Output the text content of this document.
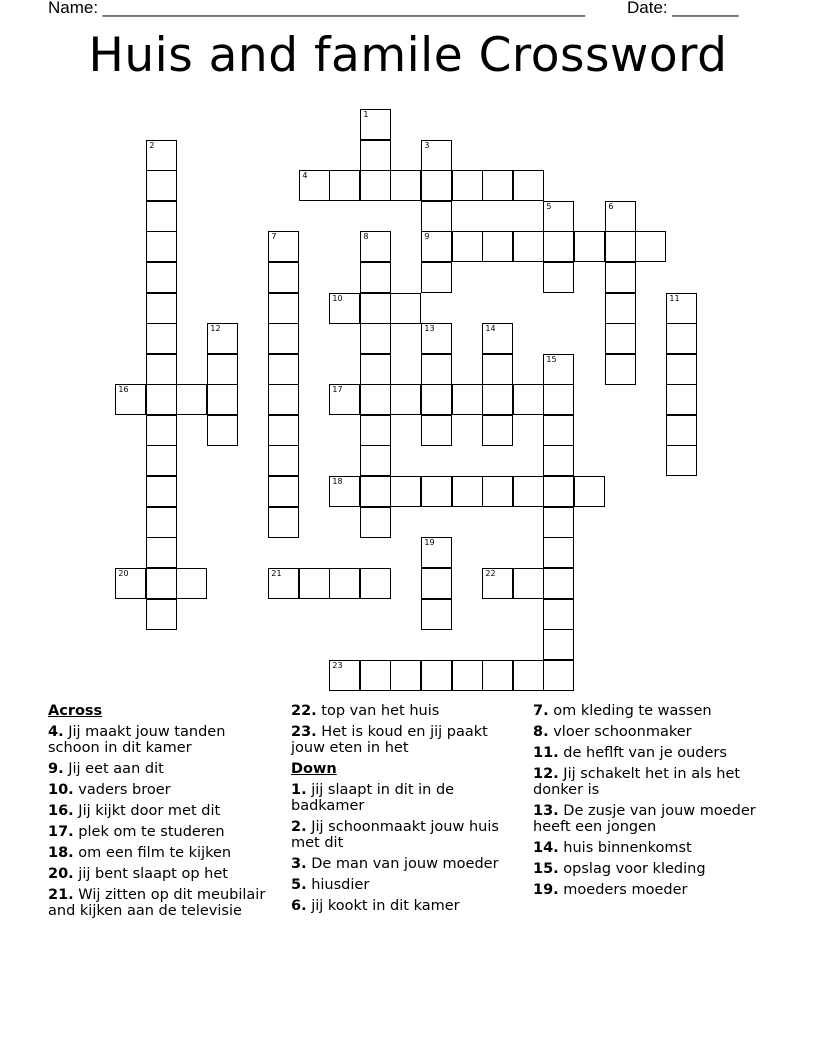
Name: ___________________________________________________ Date: _______
Huis and famile Crossword
1
2	3
9
4
5	6
7	8
10	11
12	13	14
15
16	17
18
19
20	21	22
23
Across
4. Jij maakt jouw tanden schoon in dit kamer
9. Jij eet aan dit
10. vaders broer
16. Jij kijkt door met dit
17. plek om te studeren
18. om een film te kijken
20. jij bent slaapt op het
21. Wij zitten op dit meubilair and kijken aan de televisie
22. top van het huis
23. Het is koud en jij paakt jouw eten in het
Down
1. jij slaapt in dit in de badkamer
2. Jij schoonmaakt jouw huis met dit
3. De man van jouw moeder
5. hiusdier
6. jij kookt in dit kamer
7. om kleding te wassen
8. vloer schoonmaker
11. de heflft van je ouders
12. Jij schakelt het in als het donker is
13. De zusje van jouw moeder heeft een jongen
14. huis binnenkomst
15. opslag voor kleding
19. moeders moeder
